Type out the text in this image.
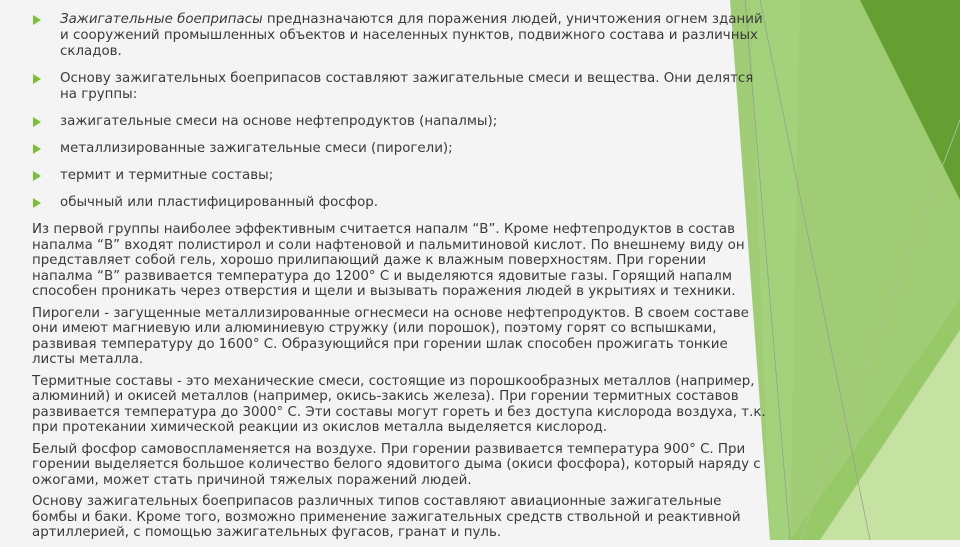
Зажигательные боеприпасы предназначаются для поражения людей, уничтожения огнем зданий и сооружений промышленных объектов и населенных пунктов, подвижного состава и различных складов.
Основу зажигательных боеприпасов составляют зажигательные смеси и вещества. Они делятся на группы:
зажигательные смеси на основе нефтепродуктов (напалмы);
металлизированные зажигательные смеси (пирогели);
термит и термитные составы;
обычный или пластифицированный фосфор.

Из первой группы наиболее эффективным считается напалм “В”. Кроме нефтепродуктов в состав напалма “В” входят полистирол и соли нафтеновой и пальмитиновой кислот. По внешнему виду он представляет собой гель, хорошо прилипающий даже к влажным поверхностям. При горении напалма “В” развивается температура до 1200° С и выделяются ядовитые газы. Горящий напалм способен проникать через отверстия и щели и вызывать поражения людей в укрытиях и техники.

Пирогели - загущенные металлизированные огнесмеси на основе нефтепродуктов. В своем составе они имеют магниевую или алюминиевую стружку (или порошок), поэтому горят со вспышками, развивая температуру до 1600° С. Образующийся при горении шлак способен прожигать тонкие листы металла.

Термитные составы - это механические смеси, состоящие из порошкообразных металлов (например, алюминий) и окисей металлов (например, окись-закись железа). При горении термитных составов развивается температура до 3000° С. Эти составы могут гореть и без доступа кислорода воздуха, т.к. при протекании химической реакции из окислов металла выделяется кислород.

Белый фосфор самовоспламеняется на воздухе. При горении развивается температура 900° С. При горении выделяется большое количество белого ядовитого дыма (окиси фосфора), который наряду с ожогами, может стать причиной тяжелых поражений людей.

Основу зажигательных боеприпасов различных типов составляют авиационные зажигательные бомбы и баки. Кроме того, возможно применение зажигательных средств ствольной и реактивной артиллерией, с помощью зажигательных фугасов, гранат и пуль.
